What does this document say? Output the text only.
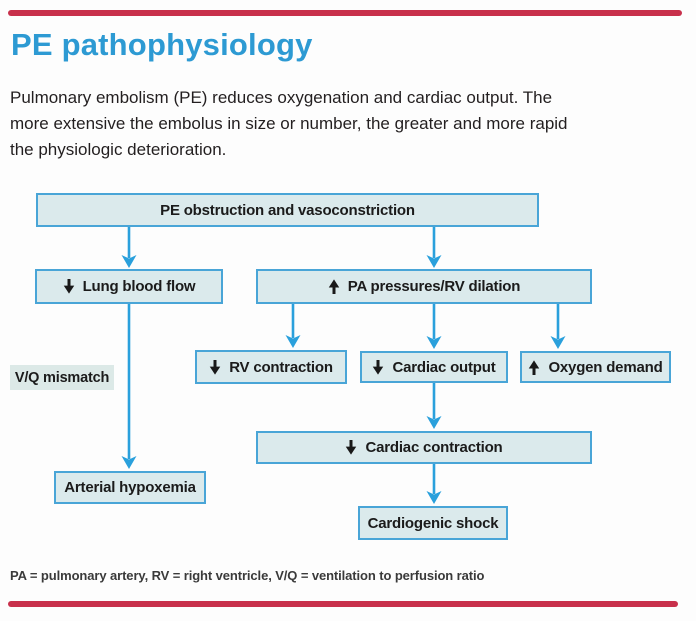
PE pathophysiology
Pulmonary embolism (PE) reduces oxygenation and cardiac output. The
more extensive the embolus in size or number, the greater and more rapid
the physiologic deterioration.
PE obstruction and vasoconstriction
Lung blood flow	PA pressures/RV dilation
V/Q mismatch
RV contraction	Cardiac output	Oxygen demand
Cardiac contraction
Arterial hypoxemia
Cardiogenic shock

PA = pulmonary artery, RV = right ventricle, V/Q = ventilation to perfusion ratio
